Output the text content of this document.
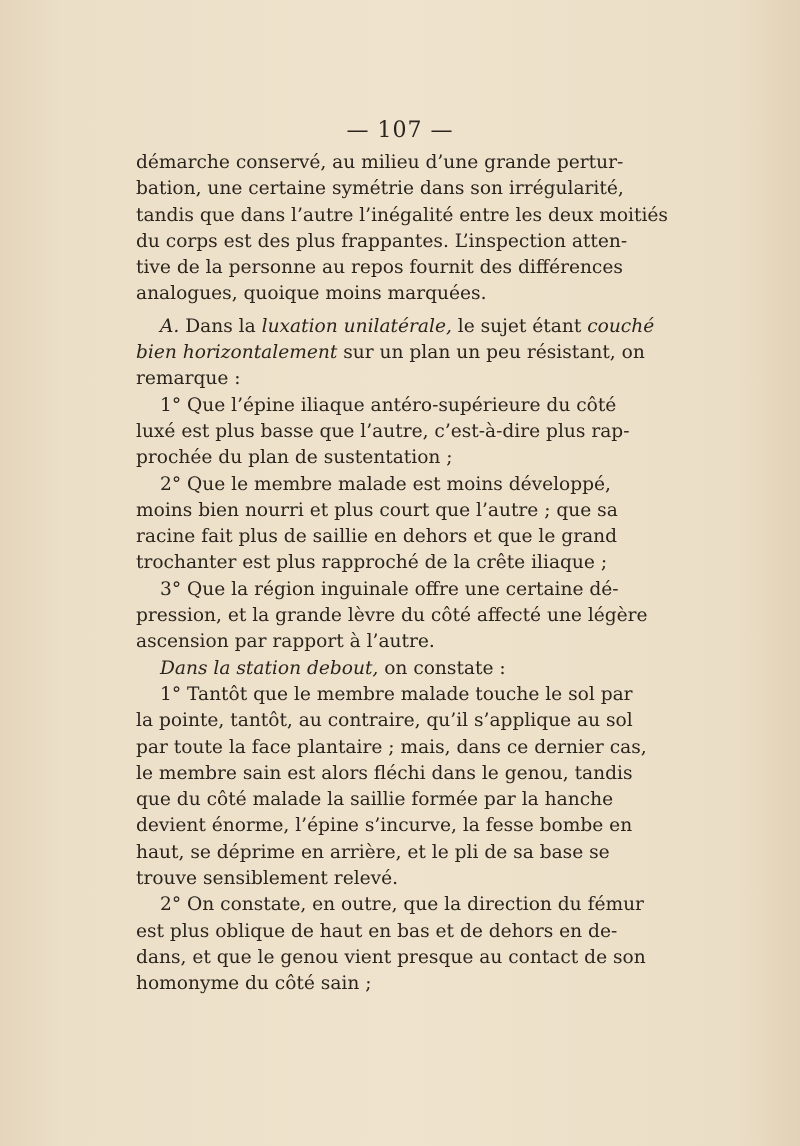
— 107 —
démarche conservé, au milieu d’une grande pertur-
bation, une certaine symétrie dans son irrégularité,
tandis que dans l’autre l’inégalité entre les deux moitiés
du corps est des plus frappantes. L’inspection atten-
tive de la personne au repos fournit des différences
analogues, quoique moins marquées.
A. Dans la luxation unilatérale, le sujet étant couché
bien horizontalement sur un plan un peu résistant, on
remarque :
1° Que l’épine iliaque antéro-supérieure du côté
luxé est plus basse que l’autre, c’est-à-dire plus rap-
prochée du plan de sustentation ;
2° Que le membre malade est moins développé,
moins bien nourri et plus court que l’autre ; que sa
racine fait plus de saillie en dehors et que le grand
trochanter est plus rapproché de la crête iliaque ;
3° Que la région inguinale offre une certaine dé-
pression, et la grande lèvre du côté affecté une légère
ascension par rapport à l’autre.
Dans la station debout, on constate :
1° Tantôt que le membre malade touche le sol par
la pointe, tantôt, au contraire, qu’il s’applique au sol
par toute la face plantaire ; mais, dans ce dernier cas,
le membre sain est alors fléchi dans le genou, tandis
que du côté malade la saillie formée par la hanche
devient énorme, l’épine s’incurve, la fesse bombe en
haut, se déprime en arrière, et le pli de sa base se
trouve sensiblement relevé.
2° On constate, en outre, que la direction du fémur
est plus oblique de haut en bas et de dehors en de-
dans, et que le genou vient presque au contact de son
homonyme du côté sain ;
